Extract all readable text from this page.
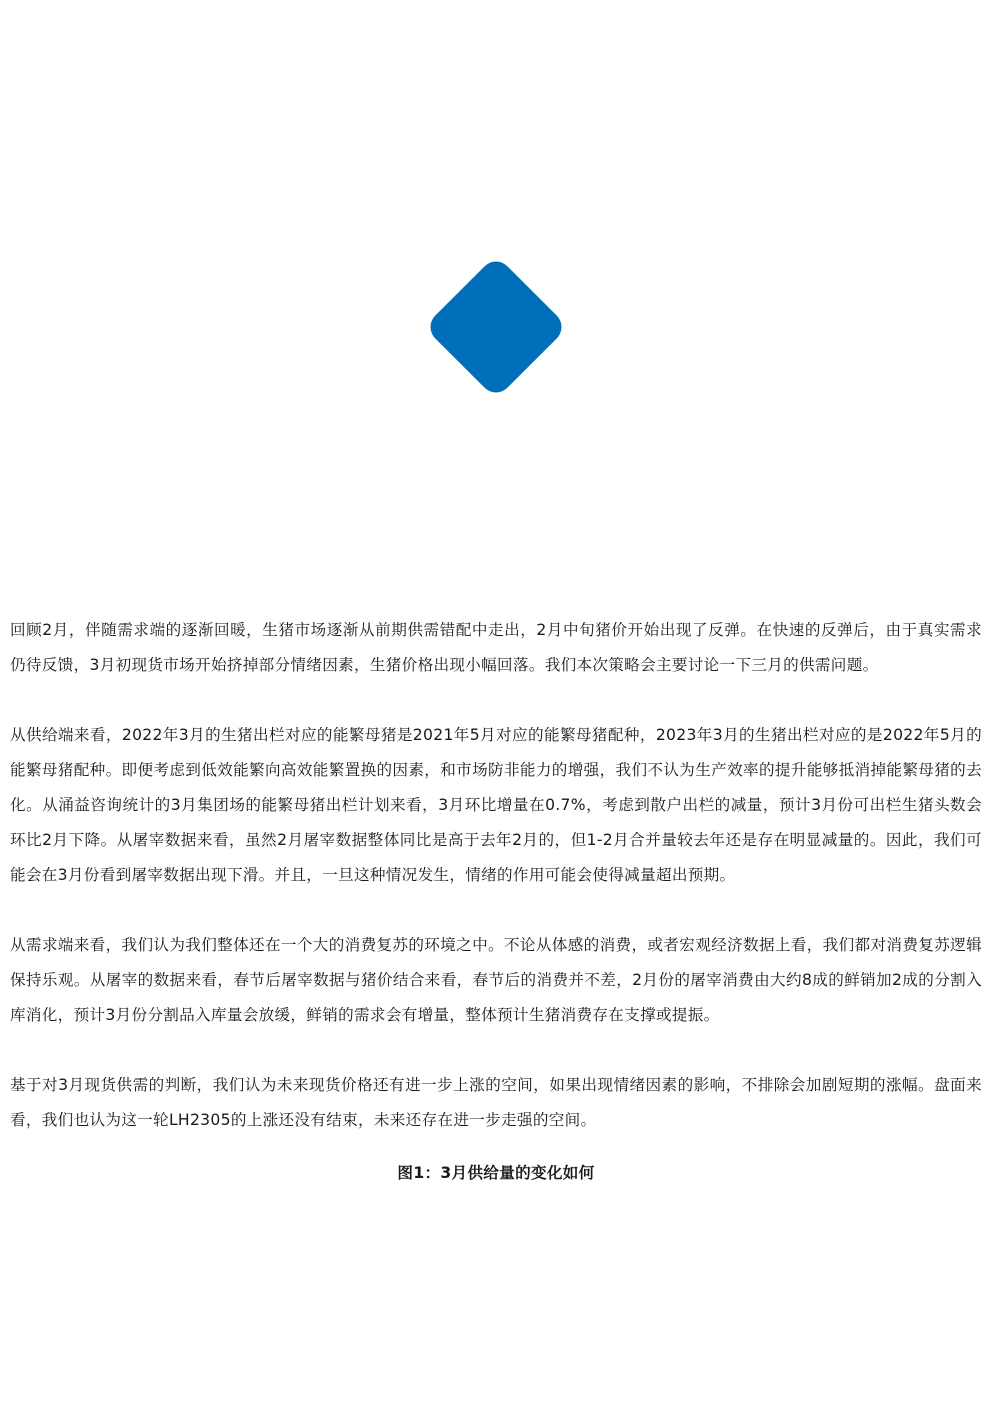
回顾2月，伴随需求端的逐渐回暖，生猪市场逐渐从前期供需错配中走出，2月中旬猪价开始出现了反弹。在快速的反弹后，由于真实需求仍待反馈，3月初现货市场开始挤掉部分情绪因素，生猪价格出现小幅回落。我们本次策略会主要讨论一下三月的供需问题。

从供给端来看，2022年3月的生猪出栏对应的能繁母猪是2021年5月对应的能繁母猪配种，2023年3月的生猪出栏对应的是2022年5月的能繁母猪配种。即便考虑到低效能繁向高效能繁置换的因素，和市场防非能力的增强，我们不认为生产效率的提升能够抵消掉能繁母猪的去化。从涌益咨询统计的3月集团场的能繁母猪出栏计划来看，3月环比增量在0.7%，考虑到散户出栏的减量，预计3月份可出栏生猪头数会环比2月下降。从屠宰数据来看，虽然2月屠宰数据整体同比是高于去年2月的，但1-2月合并量较去年还是存在明显减量的。因此，我们可能会在3月份看到屠宰数据出现下滑。并且，一旦这种情况发生，情绪的作用可能会使得减量超出预期。

从需求端来看，我们认为我们整体还在一个大的消费复苏的环境之中。不论从体感的消费，或者宏观经济数据上看，我们都对消费复苏逻辑保持乐观。从屠宰的数据来看，春节后屠宰数据与猪价结合来看，春节后的消费并不差，2月份的屠宰消费由大约8成的鲜销加2成的分割入库消化，预计3月份分割品入库量会放缓，鲜销的需求会有增量，整体预计生猪消费存在支撑或提振。

基于对3月现货供需的判断，我们认为未来现货价格还有进一步上涨的空间，如果出现情绪因素的影响，不排除会加剧短期的涨幅。盘面来看，我们也认为这一轮LH2305的上涨还没有结束，未来还存在进一步走强的空间。

图1：3月供给量的变化如何
